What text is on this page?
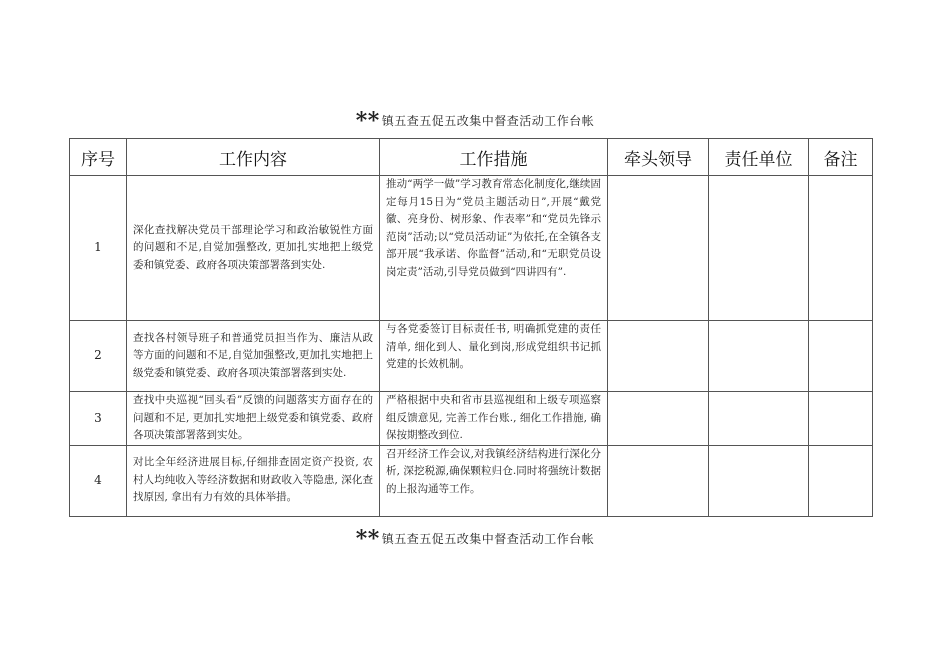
** 镇五查五促五改集中督查活动工作台帐
序号	工作内容	工作措施	牵头领导	责任单位	备注
1	深化查找解决党员干部理论学习和政治敏锐性方面的问题和不足,自觉加强整改, 更加扎实地把上级党委和镇党委、政府各项决策部署落到实处.	推动“两学一做”学习教育常态化制度化,继续固定每月15日为“党员主题活动日”,开展“戴党徽、亮身份、树形象、作表率”和“党员先锋示范岗”活动;以“党员活动证”为依托,在全镇各支部开展“我承诺、你监督”活动,和“无职党员设岗定责”活动,引导党员做到“四讲四有”.			
2	查找各村领导班子和普通党员担当作为、廉洁从政等方面的问题和不足,自觉加强整改,更加扎实地把上级党委和镇党委、政府各项决策部署落到实处.	与各党委签订目标责任书, 明确抓党建的责任清单, 细化到人、量化到岗,形成党组织书记抓党建的长效机制。			
3	查找中央巡视“回头看”反馈的问题落实方面存在的问题和不足, 更加扎实地把上级党委和镇党委、政府各项决策部署落到实处。	严格根据中央和省市县巡视组和上级专项巡察组反馈意见, 完善工作台账., 细化工作措施, 确保按期整改到位.			
4	对比全年经济进展目标,仔细排查固定资产投资, 农村人均纯收入等经济数据和财政收入等隐患, 深化查找原因, 拿出有力有效的具体举措。	召开经济工作会议,对我镇经济结构进行深化分析, 深挖税源,确保颗粒归仓.同时将强统计数据的上报沟通等工作。			
** 镇五查五促五改集中督查活动工作台帐
